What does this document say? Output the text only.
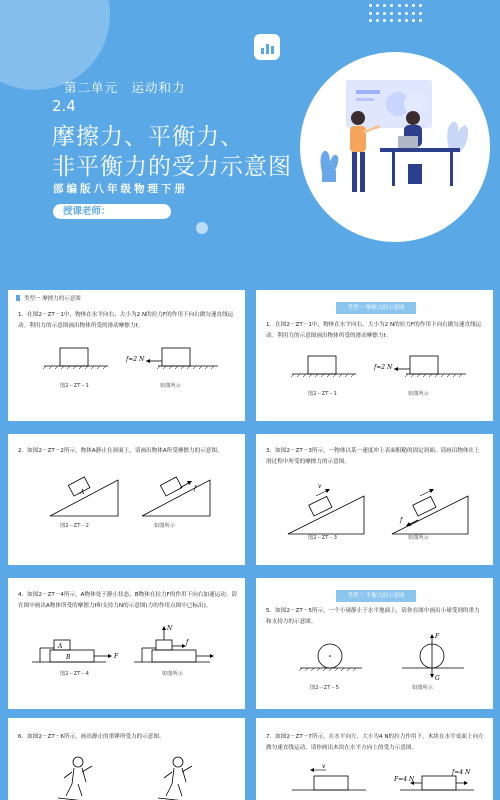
第二单元　运动和力
2.4
摩擦力、平衡力、
非平衡力的受力示意图
部编版八年级物理下册
授课老师：
类型一 摩擦力的示意图
1．在图2－ZT－1中，物体在水平向右、大小为2 N的拉力F的作用下向右做匀速直线运动。利用力的示意图画出物体所受的滑动摩擦力f。
f=2 N
图2－ZT－1	如图所示
类型一 摩擦力的示意图
1．在图2－ZT－1中，物体在水平向右、大小为2 N的拉力F的作用下向右做匀速直线运动。利用力的示意图画出物体所受的滑动摩擦力f。
f=2 N
图2－ZT－1	如图所示
2．如图2－ZT－2所示，物体A静止在斜面上，请画出物体A所受摩擦力的示意图。
A
f
图2－ZT－2	如图所示
3．如图2－ZT－3所示，一物体以某一速度冲上表面粗糙的固定斜面，请画出物体在上滑过程中所受的摩擦力的示意图。
v
f
图2－ZT－3	如图所示
4．如图2－ZT－4所示，A物体处于静止状态，B物体在拉力F的作用下向右加速运动。请在图中画出A物体所受的摩擦力f和支持力N的示意图(力的作用点图中已标出)。
A
B	F
N
f
图2－ZT－4	如图所示
类型二 平衡力的示意图
5．如图2－ZT－5所示，一个小球静止于水平地面上，请你在图中画出小球受到的重力和支持力的示意图。
F
G
图2－ZT－5	如图所示
6．如图2－ZT－6所示，画出静止的重锤所受力的示意图。	7．如图2－ZT－7所示，在水平向左、大小为4 N的拉力作用下，木块在水平桌面上向左做匀速直线运动，请你画出木块在水平方向上的受力示意图。
v
F=4 N
f=4 N
